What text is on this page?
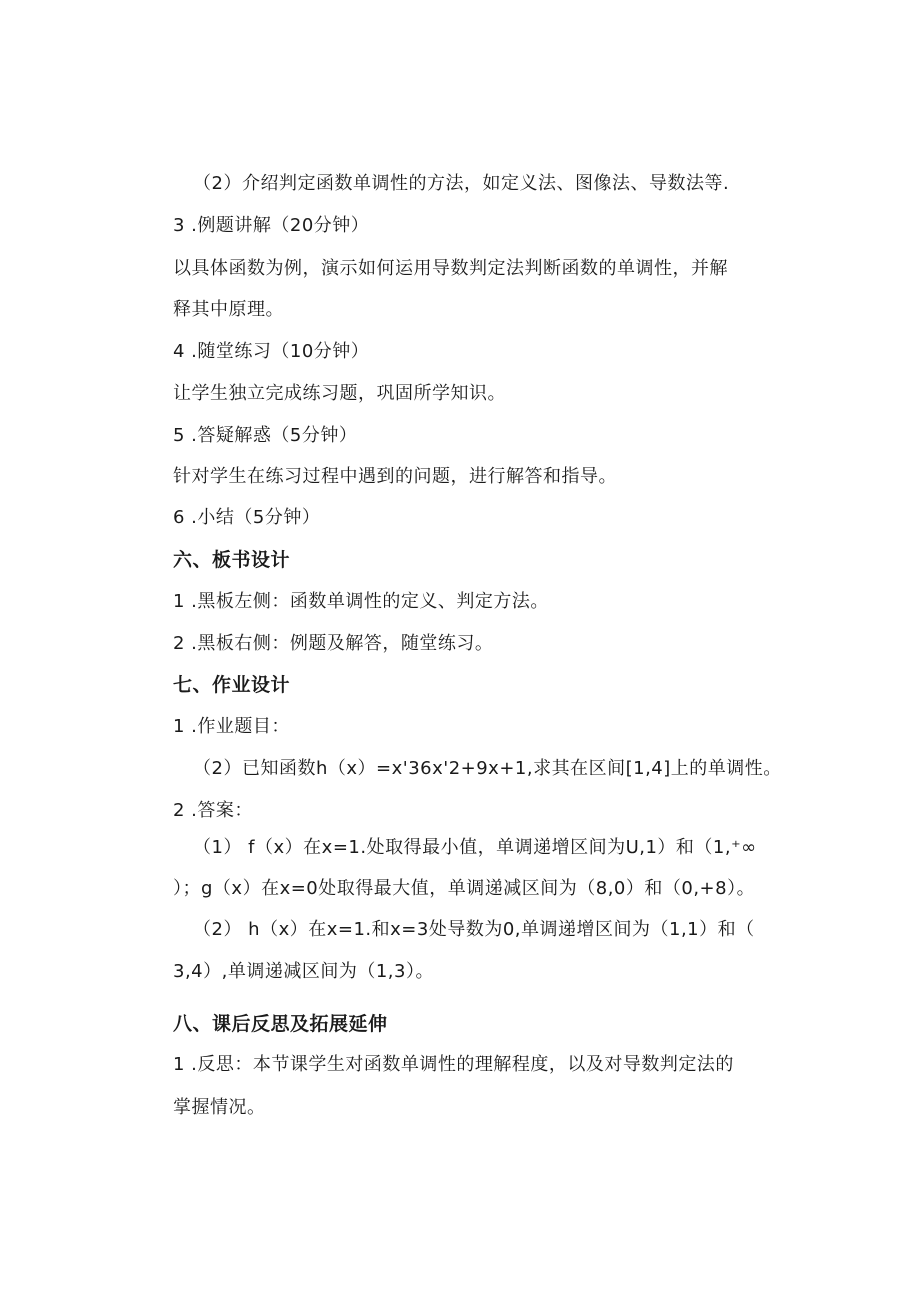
（2）介绍判定函数单调性的方法，如定义法、图像法、导数法等.
3 .例题讲解（20分钟）
以具体函数为例，演示如何运用导数判定法判断函数的单调性，并解
释其中原理。
4 .随堂练习（10分钟）
让学生独立完成练习题，巩固所学知识。
5 .答疑解惑（5分钟）
针对学生在练习过程中遇到的问题，进行解答和指导。
6 .小结（5分钟）
六、板书设计
1 .黑板左侧：函数单调性的定义、判定方法。
2 .黑板右侧：例题及解答，随堂练习。
七、作业设计
1 .作业题目：
（2）已知函数h（x）=x'36x'2+9x+1,求其在区间[1,4]上的单调性。
2 .答案：
（1） f（x）在x=1.处取得最小值，单调递增区间为U,1）和（1,⁺∞
）；g（x）在x=0处取得最大值，单调递减区间为（8,0）和（0,+8）。
（2） h（x）在x=1.和x=3处导数为0,单调递增区间为（1,1）和（
3,4）,单调递减区间为（1,3）。
八、课后反思及拓展延伸
1 .反思：本节课学生对函数单调性的理解程度，以及对导数判定法的
掌握情况。
